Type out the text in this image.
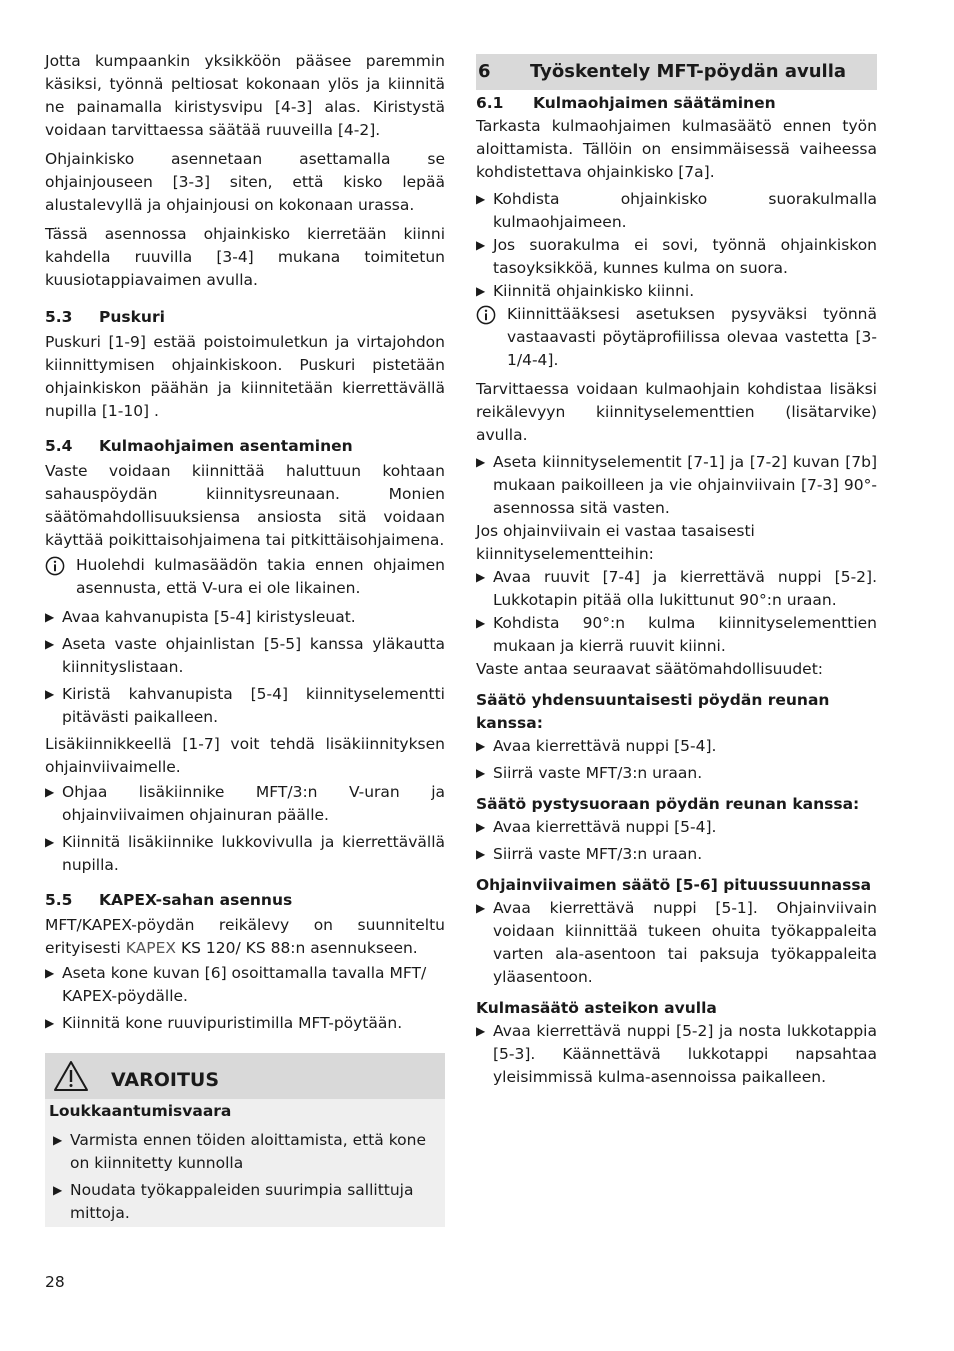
Jotta kumpaankin yksikköön pääsee paremmin käsiksi, työnnä peltiosat kokonaan ylös ja kiinnitä ne painamalla kiristysvipu [4-3] alas. Kiristystä voidaan tarvittaessa säätää ruuveilla [4-2].

Ohjainkisko asennetaan asettamalla se ohjainjouseen [3-3] siten, että kisko lepää alustalevyllä ja ohjainjousi on kokonaan urassa.

Tässä asennossa ohjainkisko kierretään kiinni kahdella ruuvilla [3-4] mukana toimitetun kuusiotappiavaimen avulla.

5.3	Puskuri

Puskuri [1-9] estää poistoimuletkun ja virtajohdon kiinnittymisen ohjainkiskoon. Puskuri pistetään ohjainkiskon päähän ja kiinnitetään kierrettävällä nupilla [1-10] .

5.4	Kulmaohjaimen asentaminen

Vaste voidaan kiinnittää haluttuun kohtaan sahauspöydän kiinnitysreunaan. Monien säätömahdollisuuksiensa ansiosta sitä voidaan käyttää poikittaisohjaimena tai pitkittäisohjaimena.

Huolehdi kulmasäädön takia ennen ohjaimen asennusta, että V-ura ei ole likainen.
▶ Avaa kahvanupista [5-4] kiristysleuat.
▶ Aseta vaste ohjainlistan [5-5] kanssa yläkautta kiinnityslistaan.
▶ Kiristä kahvanupista [5-4] kiinnityselementti pitävästi paikalleen.

Lisäkiinnikkeellä [1-7] voit tehdä lisäkiinnityksen ohjainviivaimelle.

▶ Ohjaa lisäkiinnike MFT/3:n V-uran ja ohjainviivaimen ohjainuran päälle.
▶ Kiinnitä lisäkiinnike lukkovivulla ja kierrettävällä nupilla.
5.5	KAPEX-sahan asennus

MFT/KAPEX-pöydän reikälevy on suunniteltu erityisesti KAPEX KS 120/ KS 88:n asennukseen.

▶ Aseta kone kuvan [6] osoittamalla tavalla MFT/ KAPEX-pöydälle.
▶ Kiinnitä kone ruuvipuristimilla MFT-pöytään.
VAROITUS
Loukkaantumisvaara
▶ Varmista ennen töiden aloittamista, että kone on kiinnitetty kunnolla
▶ Noudata työkappaleiden suurimpia sallittuja mittoja.
6	Työskentely MFT-pöydän avulla
6.1	Kulmaohjaimen säätäminen

Tarkasta kulmaohjaimen kulmasäätö ennen työn aloittamista. Tällöin on ensimmäisessä vaiheessa kohdistettava ohjainkisko [7a].

▶ Kohdista ohjainkisko suorakulmalla kulmaohjaimeen.
▶ Jos suorakulma ei sovi, työnnä ohjainkiskon tasoyksikköä, kunnes kulma on suora.
▶ Kiinnitä ohjainkisko kiinni.
Kiinnittääksesi asetuksen pysyväksi työnnä vastaavasti pöytäprofiilissa olevaa vastetta [3-1/4-4].

Tarvittaessa voidaan kulmaohjain kohdistaa lisäksi reikälevyyn kiinnityselementtien (lisätarvike) avulla.

▶ Aseta kiinnityselementit [7-1] ja [7-2] kuvan [7b] mukaan paikoilleen ja vie ohjainviivain [7-3] 90°-asennossa sitä vasten.

Jos ohjainviivain ei vastaa tasaisesti kiinnityselementteihin:

▶ Avaa ruuvit [7-4] ja kierrettävä nuppi [5-2]. Lukkotapin pitää olla lukittunut 90°:n uraan.
▶ Kohdista 90°:n kulma kiinnityselementtien mukaan ja kierrä ruuvit kiinni.

Vaste antaa seuraavat säätömahdollisuudet:

Säätö yhdensuuntaisesti pöydän reunan kanssa:
▶ Avaa kierrettävä nuppi [5-4].
▶ Siirrä vaste MFT/3:n uraan.
Säätö pystysuoraan pöydän reunan kanssa:
▶ Avaa kierrettävä nuppi [5-4].
▶ Siirrä vaste MFT/3:n uraan.
Ohjainviivaimen säätö [5-6] pituussuunnassa
▶ Avaa kierrettävä nuppi [5-1]. Ohjainviivain voidaan kiinnittää tukeen ohuita työkappaleita varten ala-asentoon tai paksuja työkappaleita yläasentoon.
Kulmasäätö asteikon avulla
▶ Avaa kierrettävä nuppi [5-2] ja nosta lukkotappia [5-3]. Käännettävä lukkotappi napsahtaa yleisimmissä kulma-asennoissa paikalleen.
28
